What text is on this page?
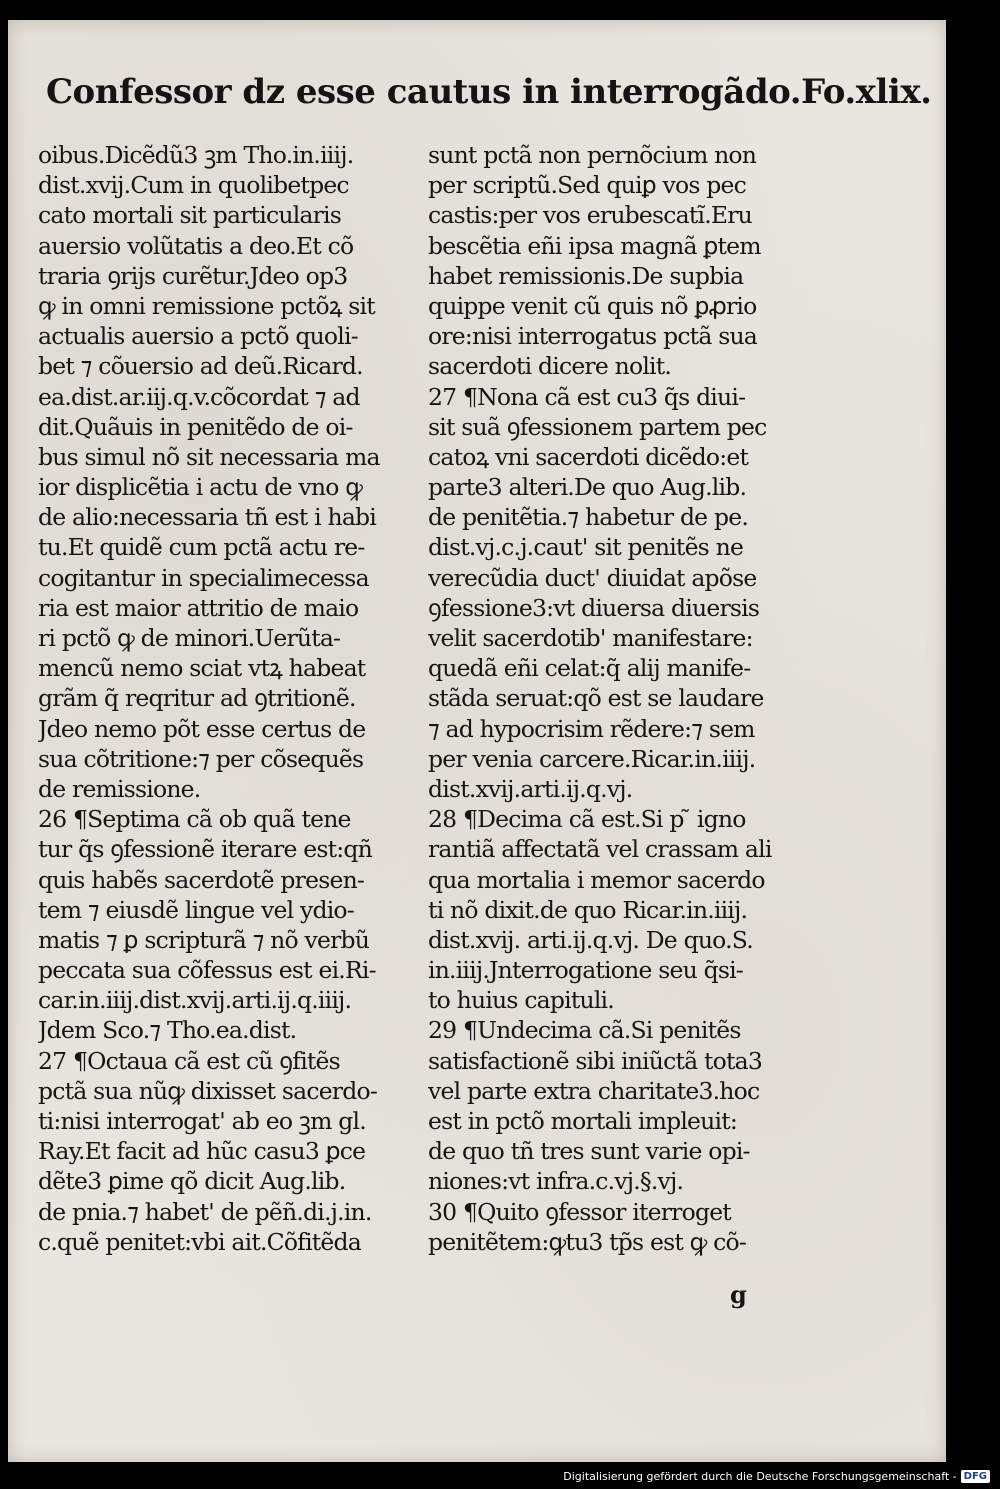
Confessor dz esse cautus in interrogãdo. Fo.xlix.
oibus.Dicẽdũ3 ꝫm Tho.in.iiij.
dist.xvij.Cum in quolibetpec
cato mortali sit particularis
auersio volũtatis a deo.Et cõ
traria ꝯrijs curẽtur.Jdeo op3
ꝙ in omni remissione pctõꝝ sit
actualis auersio a pctõ quoli-
bet ⁊ cõuersio ad deũ.Ricard.
ea.dist.ar.iij.q.v.cõcordat ⁊ ad
dit.Quãuis in penitẽdo de oi-
bus simul nõ sit necessaria ma
ior displicẽtia i actu de vno ꝙ
de alio:necessaria tñ est i habi
tu.Et quidẽ cum pctã actu re-
cogitantur in specialimecessa
ria est maior attritio de maio
ri pctõ ꝙ de minori.Uerũta-
mencũ nemo sciat vtꝝ habeat
grãm q̃ reqritur ad ꝯtritionẽ.
Jdeo nemo põt esse certus de
sua cõtritione:⁊ per cõsequẽs
de remissione.
26 ¶Septima cã ob quã tene
tur q̃s ꝯfessionẽ iterare est:qñ
quis habẽs sacerdotẽ presen-
tem ⁊ eiusdẽ lingue vel ydio-
matis ⁊ ꝑ scripturã ⁊ nõ verbũ
peccata sua cõfessus est ei.Ri-
car.in.iiij.dist.xvij.arti.ij.q.iiij.
Jdem Sco.⁊ Tho.ea.dist.
27 ¶Octaua cã est cũ ꝯfitẽs
pctã sua nũꝙ dixisset sacerdo-
ti:nisi interrogat' ab eo ꝫm gl.
Ray.Et facit ad hũc casu3 ꝑce
dẽte3 ꝑime qõ dicit Aug.lib.
de pnia.⁊ habet' de pẽñ.di.j.in.
c.quẽ penitet:vbi ait.Cõfitẽda
sunt pctã non pernõcium non
per scriptũ.Sed quiꝑ vos pec
castis:per vos erubescatĩ.Eru
bescẽtia eñi ipsa magnã ꝑtem
habet remissionis.De supbia
quippe venit cũ quis nõ ꝑꝓrio
ore:nisi interrogatus pctã sua
sacerdoti dicere nolit.
27 ¶Nona cã est cu3 q̃s diui-
sit suã ꝯfessionem partem pec
catoꝝ vni sacerdoti dicẽdo:et
parte3 alteri.De quo Aug.lib.
de penitẽtia.⁊ habetur de pe.
dist.vj.c.j.caut' sit penitẽs ne
verecũdia duct' diuidat apõse
ꝯfessione3:vt diuersa diuersis
velit sacerdotib' manifestare:
quedã eñi celat:q̃ alij manife-
stãda seruat:qõ est se laudare
⁊ ad hypocrisim rẽdere:⁊ sem
per venia carcere.Ricar.in.iiij.
dist.xvij.arti.ij.q.vj.
28 ¶Decima cã est.Si p ̃ igno
rantiã affectatã vel crassam ali
qua mortalia i memor sacerdo
ti nõ dixit.de quo Ricar.in.iiij.
dist.xvij. arti.ij.q.vj. De quo.S.
in.iiij.Jnterrogatione seu q̃si-
to huius capituli.
29 ¶Undecima cã.Si penitẽs
satisfactionẽ sibi iniũctã tota3
vel parte extra charitate3.hoc
est in pctõ mortali impleuit:
de quo tñ tres sunt varie opi-
niones:vt infra.c.vj.§.vj.
30 ¶Quito ꝯfessor iterroget
penitẽtem:ꝙtu3 tp̃s est ꝙ cõ-
g
Digitalisierung gefördert durch die Deutsche Forschungsgemeinschaft - DFG
